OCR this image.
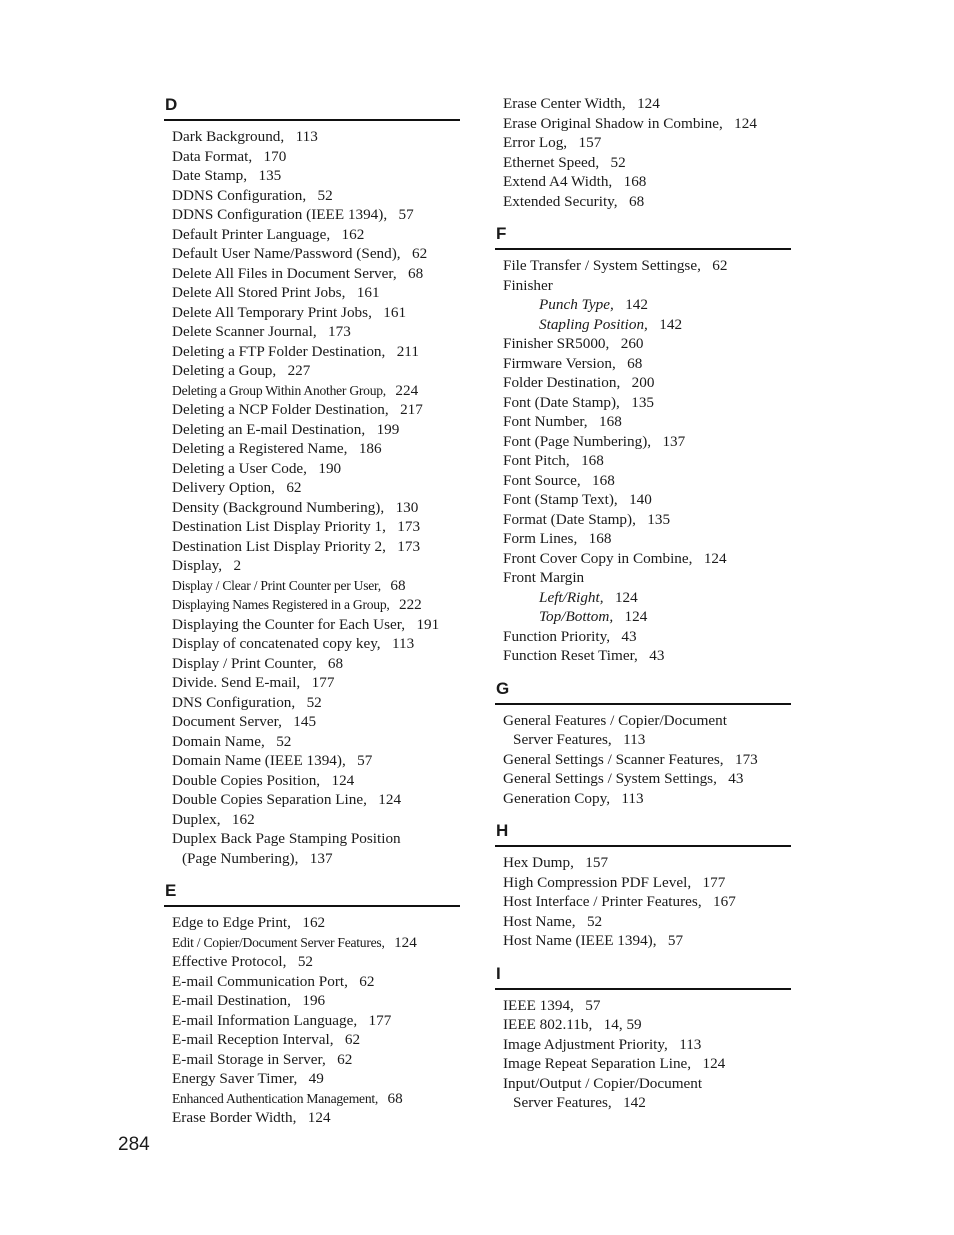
D
Dark Background, 113
Data Format, 170
Date Stamp, 135
DDNS Configuration, 52
DDNS Configuration (IEEE 1394), 57
Default Printer Language, 162
Default User Name/Password (Send), 62
Delete All Files in Document Server, 68
Delete All Stored Print Jobs, 161
Delete All Temporary Print Jobs, 161
Delete Scanner Journal, 173
Deleting a FTP Folder Destination, 211
Deleting a Goup, 227
Deleting a Group Within Another Group, 224
Deleting a NCP Folder Destination, 217
Deleting an E-mail Destination, 199
Deleting a Registered Name, 186
Deleting a User Code, 190
Delivery Option, 62
Density (Background Numbering), 130
Destination List Display Priority 1, 173
Destination List Display Priority 2, 173
Display, 2
Display / Clear / Print Counter per User, 68
Displaying Names Registered in a Group, 222
Displaying the Counter for Each User, 191
Display of concatenated copy key, 113
Display / Print Counter, 68
Divide. Send E-mail, 177
DNS Configuration, 52
Document Server, 145
Domain Name, 52
Domain Name (IEEE 1394), 57
Double Copies Position, 124
Double Copies Separation Line, 124
Duplex, 162
Duplex Back Page Stamping Position
(Page Numbering), 137
E
Edge to Edge Print, 162
Edit / Copier/Document Server Features, 124
Effective Protocol, 52
E-mail Communication Port, 62
E-mail Destination, 196
E-mail Information Language, 177
E-mail Reception Interval, 62
E-mail Storage in Server, 62
Energy Saver Timer, 49
Enhanced Authentication Management, 68
Erase Border Width, 124
Erase Center Width, 124
Erase Original Shadow in Combine, 124
Error Log, 157
Ethernet Speed, 52
Extend A4 Width, 168
Extended Security, 68
F
File Transfer / System Settingse, 62
Finisher
Punch Type, 142
Stapling Position, 142
Finisher SR5000, 260
Firmware Version, 68
Folder Destination, 200
Font (Date Stamp), 135
Font Number, 168
Font (Page Numbering), 137
Font Pitch, 168
Font Source, 168
Font (Stamp Text), 140
Format (Date Stamp), 135
Form Lines, 168
Front Cover Copy in Combine, 124
Front Margin
Left/Right, 124
Top/Bottom, 124
Function Priority, 43
Function Reset Timer, 43
G
General Features / Copier/Document
Server Features, 113
General Settings / Scanner Features, 173
General Settings / System Settings, 43
Generation Copy, 113
H
Hex Dump, 157
High Compression PDF Level, 177
Host Interface / Printer Features, 167
Host Name, 52
Host Name (IEEE 1394), 57
I
IEEE 1394, 57
IEEE 802.11b, 14, 59
Image Adjustment Priority, 113
Image Repeat Separation Line, 124
Input/Output / Copier/Document
Server Features, 142
284
